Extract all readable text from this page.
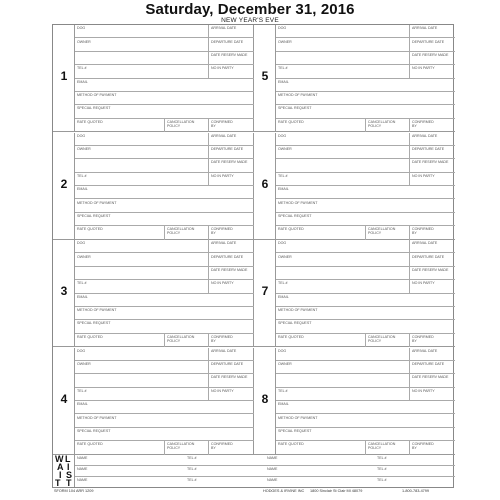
Saturday, December 31, 2016
NEW YEAR'S EVE
1
DOG	ARRIVAL DATE
OWNER	DEPARTURE DATE
DATE RESERV MADE
TEL #	NO IN PARTY
EMAIL
METHOD OF PAYMENT
SPECIAL REQUEST
RATE QUOTED	CANCELLATION
POLICY
CONFIRMED
BY
2
DOG	ARRIVAL DATE
OWNER	DEPARTURE DATE
DATE RESERV MADE
TEL #	NO IN PARTY
EMAIL
METHOD OF PAYMENT
SPECIAL REQUEST
RATE QUOTED	CANCELLATION
POLICY
CONFIRMED
BY
3
DOG	ARRIVAL DATE
OWNER	DEPARTURE DATE
DATE RESERV MADE
TEL #	NO IN PARTY
EMAIL
METHOD OF PAYMENT
SPECIAL REQUEST
RATE QUOTED	CANCELLATION
POLICY
CONFIRMED
BY
4
DOG	ARRIVAL DATE
OWNER	DEPARTURE DATE
DATE RESERV MADE
TEL #	NO IN PARTY
EMAIL
METHOD OF PAYMENT
SPECIAL REQUEST
RATE QUOTED	CANCELLATION
POLICY
CONFIRMED
BY
5
DOG	ARRIVAL DATE
OWNER	DEPARTURE DATE
DATE RESERV MADE
TEL #	NO IN PARTY
EMAIL
METHOD OF PAYMENT
SPECIAL REQUEST
RATE QUOTED	CANCELLATION
POLICY
CONFIRMED
BY
6
DOG	ARRIVAL DATE
OWNER	DEPARTURE DATE
DATE RESERV MADE
TEL #	NO IN PARTY
EMAIL
METHOD OF PAYMENT
SPECIAL REQUEST
RATE QUOTED	CANCELLATION
POLICY
CONFIRMED
BY
7
DOG	ARRIVAL DATE
OWNER	DEPARTURE DATE
DATE RESERV MADE
TEL #	NO IN PARTY
EMAIL
METHOD OF PAYMENT
SPECIAL REQUEST
RATE QUOTED	CANCELLATION
POLICY
CONFIRMED
BY
8
DOG	ARRIVAL DATE
OWNER	DEPARTURE DATE
DATE RESERV MADE
TEL #	NO IN PARTY
EMAIL
METHOD OF PAYMENT
SPECIAL REQUEST
RATE QUOTED	CANCELLATION
POLICY
CONFIRMED
BY
W
A
I
T
L
I
S
T
NAME	TEL #	NAME	TEL #
NAME	TEL #	NAME	TEL #
NAME	TEL #	NAME	TEL #
SFORM 104 ARR 1209	HODGES & IRVINE INC 1800 Sinclair St Clair MI 48079	1-800-783-4799
